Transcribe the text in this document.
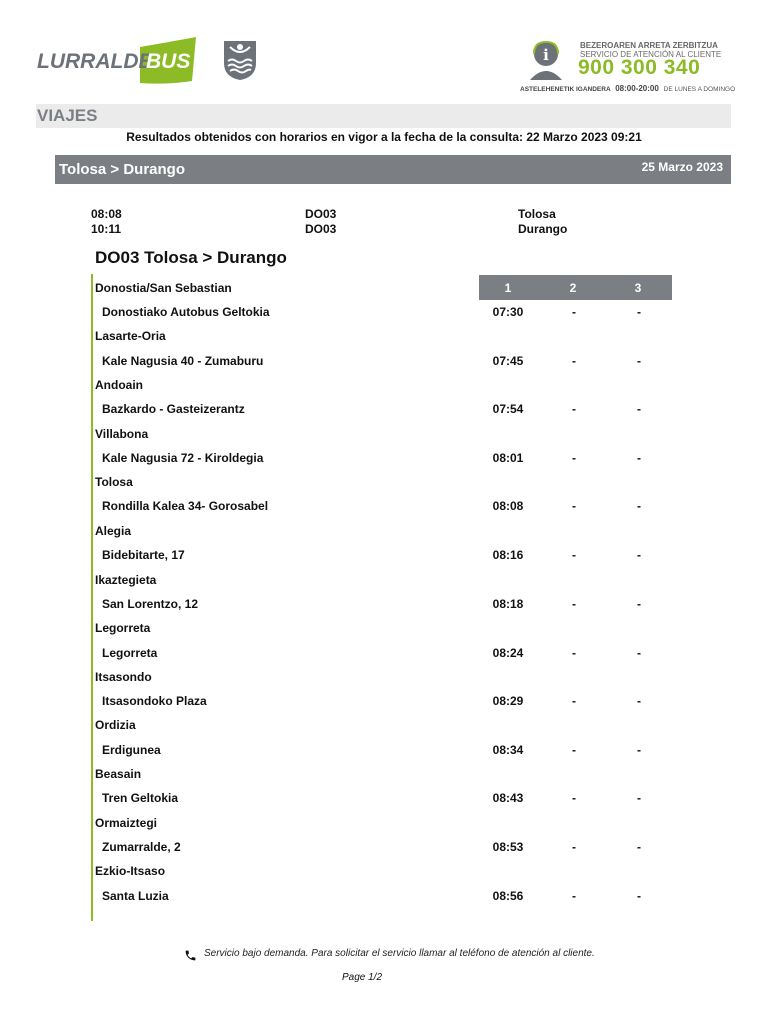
LURRALDE
BUS	i
BEZEROAREN ARRETA ZERBITZUA
SERVICIO DE ATENCIÓN AL CLIENTE
900 300 340
ASTELEHENETIK IGANDERA 08:00-20:00 DE LUNES A DOMINGO
VIAJES
Resultados obtenidos con horarios en vigor a la fecha de la consulta: 22 Marzo 2023 09:21
Tolosa > Durango	25 Marzo 2023
08:08	DO03	Tolosa
10:11	DO03	Durango
DO03 Tolosa > Durango
1	2	3
Donostia/San Sebastian
Donostiako Autobus Geltokia	07:30	-	-
Lasarte-Oria
Kale Nagusia 40 - Zumaburu	07:45	-	-
Andoain
Bazkardo - Gasteizerantz	07:54	-	-
Villabona
Kale Nagusia 72 - Kiroldegia	08:01	-	-
Tolosa
Rondilla Kalea 34- Gorosabel	08:08	-	-
Alegia
Bidebitarte, 17	08:16	-	-
Ikaztegieta
San Lorentzo, 12	08:18	-	-
Legorreta
Legorreta	08:24	-	-
Itsasondo
Itsasondoko Plaza	08:29	-	-
Ordizia
Erdigunea	08:34	-	-
Beasain
Tren Geltokia	08:43	-	-
Ormaiztegi
Zumarralde, 2	08:53	-	-
Ezkio-Itsaso
Santa Luzia	08:56	-	-
Servicio bajo demanda. Para solicitar el servicio llamar al teléfono de atención al cliente.
Page 1/2
